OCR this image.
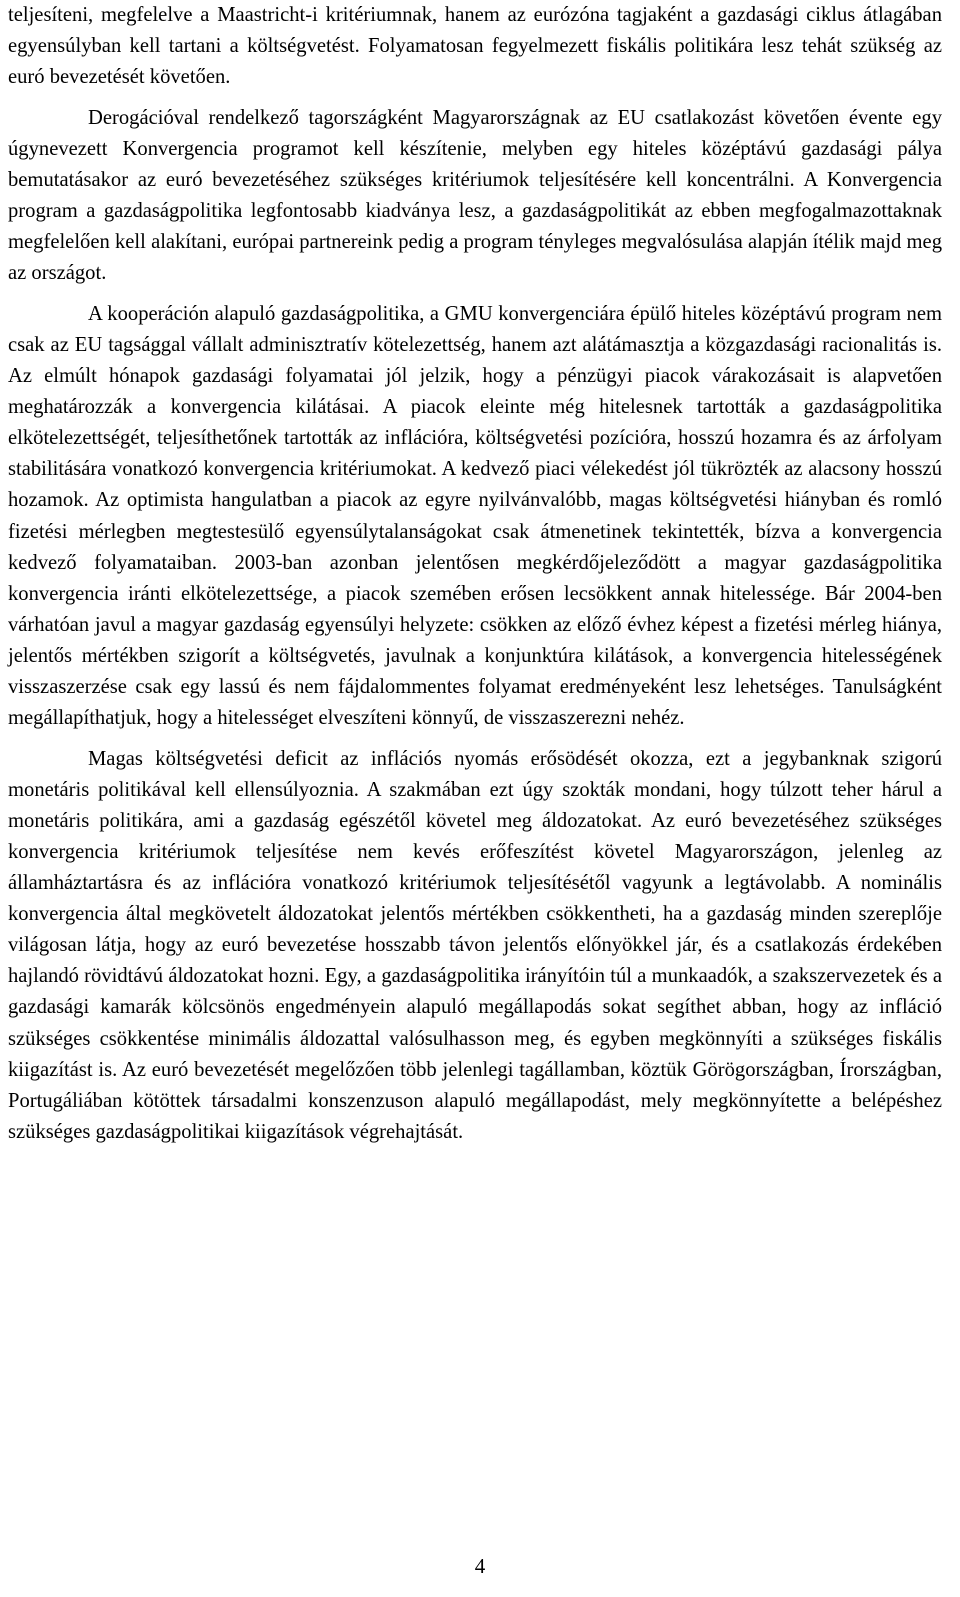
teljesíteni, megfelelve a Maastricht-i kritériumnak, hanem az eurózóna tagjaként a gazdasági ciklus átlagában egyensúlyban kell tartani a költségvetést. Folyamatosan fegyelmezett fiskális politikára lesz tehát szükség az euró bevezetését követően.

Derogációval rendelkező tagországként Magyarországnak az EU csatlakozást követően évente egy úgynevezett Konvergencia programot kell készítenie, melyben egy hiteles középtávú gazdasági pálya bemutatásakor az euró bevezetéséhez szükséges kritériumok teljesítésére kell koncentrálni. A Konvergencia program a gazdaságpolitika legfontosabb kiadványa lesz, a gazdaságpolitikát az ebben megfogalmazottaknak megfelelően kell alakítani, európai partnereink pedig a program tényleges megvalósulása alapján ítélik majd meg az országot.

A kooperáción alapuló gazdaságpolitika, a GMU konvergenciára épülő hiteles középtávú program nem csak az EU tagsággal vállalt adminisztratív kötelezettség, hanem azt alátámasztja a közgazdasági racionalitás is. Az elmúlt hónapok gazdasági folyamatai jól jelzik, hogy a pénzügyi piacok várakozásait is alapvetően meghatározzák a konvergencia kilátásai. A piacok eleinte még hitelesnek tartották a gazdaságpolitika elkötelezettségét, teljesíthetőnek tartották az inflációra, költségvetési pozícióra, hosszú hozamra és az árfolyam stabilitására vonatkozó konvergencia kritériumokat. A kedvező piaci vélekedést jól tükrözték az alacsony hosszú hozamok. Az optimista hangulatban a piacok az egyre nyilvánvalóbb, magas költségvetési hiányban és romló fizetési mérlegben megtestesülő egyensúlytalanságokat csak átmenetinek tekintették, bízva a konvergencia kedvező folyamataiban. 2003-ban azonban jelentősen megkérdőjeleződött a magyar gazdaságpolitika konvergencia iránti elkötelezettsége, a piacok szemében erősen lecsökkent annak hitelessége. Bár 2004-ben várhatóan javul a magyar gazdaság egyensúlyi helyzete: csökken az előző évhez képest a fizetési mérleg hiánya, jelentős mértékben szigorít a költségvetés, javulnak a konjunktúra kilátások, a konvergencia hitelességének visszaszerzése csak egy lassú és nem fájdalommentes folyamat eredményeként lesz lehetséges. Tanulságként megállapíthatjuk, hogy a hitelességet elveszíteni könnyű, de visszaszerezni nehéz.

Magas költségvetési deficit az inflációs nyomás erősödését okozza, ezt a jegybanknak szigorú monetáris politikával kell ellensúlyoznia. A szakmában ezt úgy szokták mondani, hogy túlzott teher hárul a monetáris politikára, ami a gazdaság egészétől követel meg áldozatokat. Az euró bevezetéséhez szükséges konvergencia kritériumok teljesítése nem kevés erőfeszítést követel Magyarországon, jelenleg az államháztartásra és az inflációra vonatkozó kritériumok teljesítésétől vagyunk a legtávolabb. A nominális konvergencia által megkövetelt áldozatokat jelentős mértékben csökkentheti, ha a gazdaság minden szereplője világosan látja, hogy az euró bevezetése hosszabb távon jelentős előnyökkel jár, és a csatlakozás érdekében hajlandó rövidtávú áldozatokat hozni. Egy, a gazdaságpolitika irányítóin túl a munkaadók, a szakszervezetek és a gazdasági kamarák kölcsönös engedményein alapuló megállapodás sokat segíthet abban, hogy az infláció szükséges csökkentése minimális áldozattal valósulhasson meg, és egyben megkönnyíti a szükséges fiskális kiigazítást is. Az euró bevezetését megelőzően több jelenlegi tagállamban, köztük Görögországban, Írországban, Portugáliában kötöttek társadalmi konszenzuson alapuló megállapodást, mely megkönnyítette a belépéshez szükséges gazdaságpolitikai kiigazítások végrehajtását.

4
